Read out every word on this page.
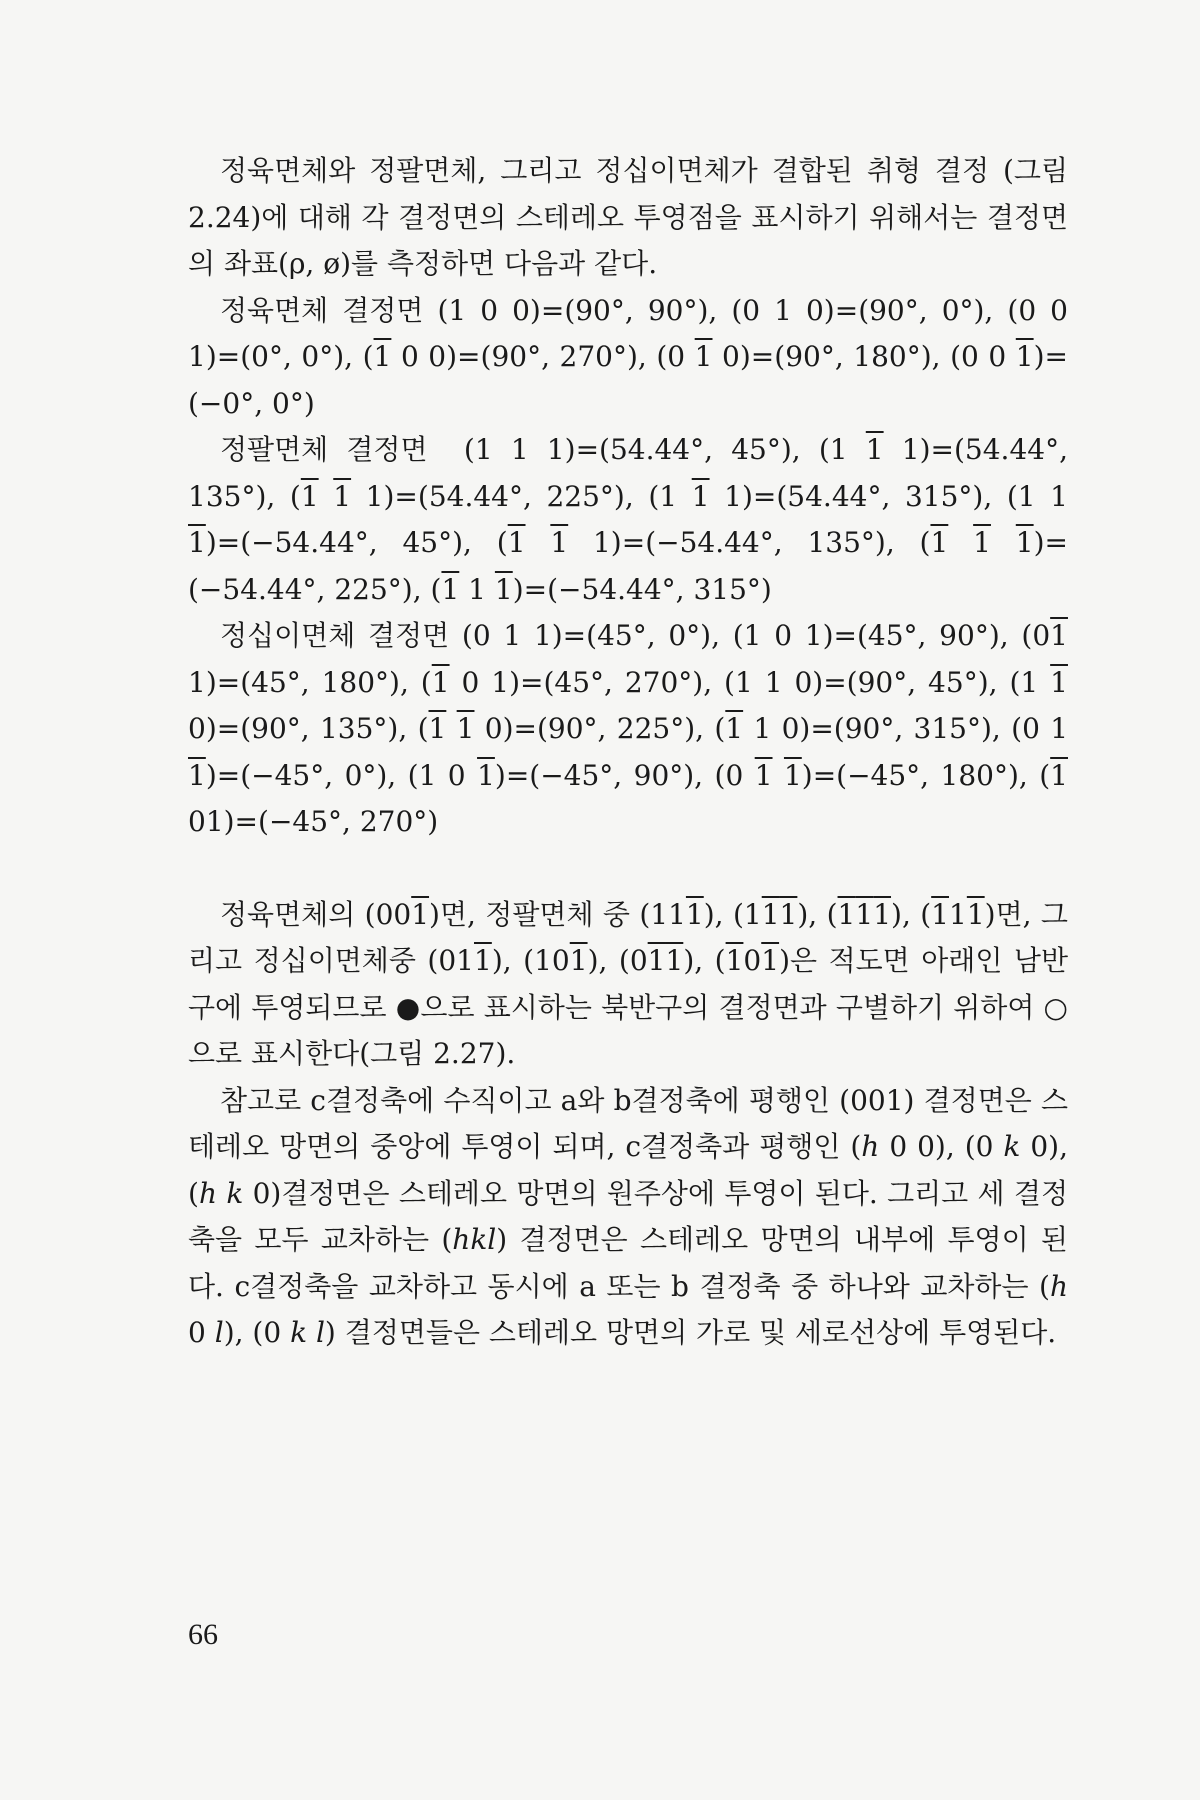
정육면체와 정팔면체, 그리고 정십이면체가 결합된 취형 결정 (그림 2.24)에 대해 각 결정면의 스테레오 투영점을 표시하기 위해서는 결정면의 좌표(ρ, ø)를 측정하면 다음과 같다.

정육면체 결정면 (1 0 0)=(90°, 90°), (0 1 0)=(90°, 0°), (0 0 1)=(0°, 0°), (1 0 0)=(90°, 270°), (0 1 0)=(90°, 180°), (0 0 1)=(−0°, 0°)

정팔면체 결정면 (1 1 1)=(54.44°, 45°), (1 1 1)=(54.44°, 135°), (1 1 1)=(54.44°, 225°), (1 1 1)=(54.44°, 315°), (1 1 1)=(−54.44°, 45°), (1 1 1)=(−54.44°, 135°), (1 1 1)=(−54.44°, 225°), (1 1 1)=(−54.44°, 315°)

정십이면체 결정면 (0 1 1)=(45°, 0°), (1 0 1)=(45°, 90°), (01 1)=(45°, 180°), (1 0 1)=(45°, 270°), (1 1 0)=(90°, 45°), (1 1 0)=(90°, 135°), (1 1 0)=(90°, 225°), (1 1 0)=(90°, 315°), (0 1 1)=(−45°, 0°), (1 0 1)=(−45°, 90°), (0 1 1)=(−45°, 180°), (1 01)=(−45°, 270°)

정육면체의 (001)면, 정팔면체 중 (111), (111), (111), (111)면, 그리고 정십이면체중 (011), (101), (011), (101)은 적도면 아래인 남반구에 투영되므로 ●으로 표시하는 북반구의 결정면과 구별하기 위하여 ○으로 표시한다(그림 2.27).

참고로 c결정축에 수직이고 a와 b결정축에 평행인 (001) 결정면은 스테레오 망면의 중앙에 투영이 되며, c결정축과 평행인 (h 0 0), (0 k 0), (h k 0)결정면은 스테레오 망면의 원주상에 투영이 된다. 그리고 세 결정축을 모두 교차하는 (hkl) 결정면은 스테레오 망면의 내부에 투영이 된다. c결정축을 교차하고 동시에 a 또는 b 결정축 중 하나와 교차하는 (h 0 l), (0 k l) 결정면들은 스테레오 망면의 가로 및 세로선상에 투영된다.

66
